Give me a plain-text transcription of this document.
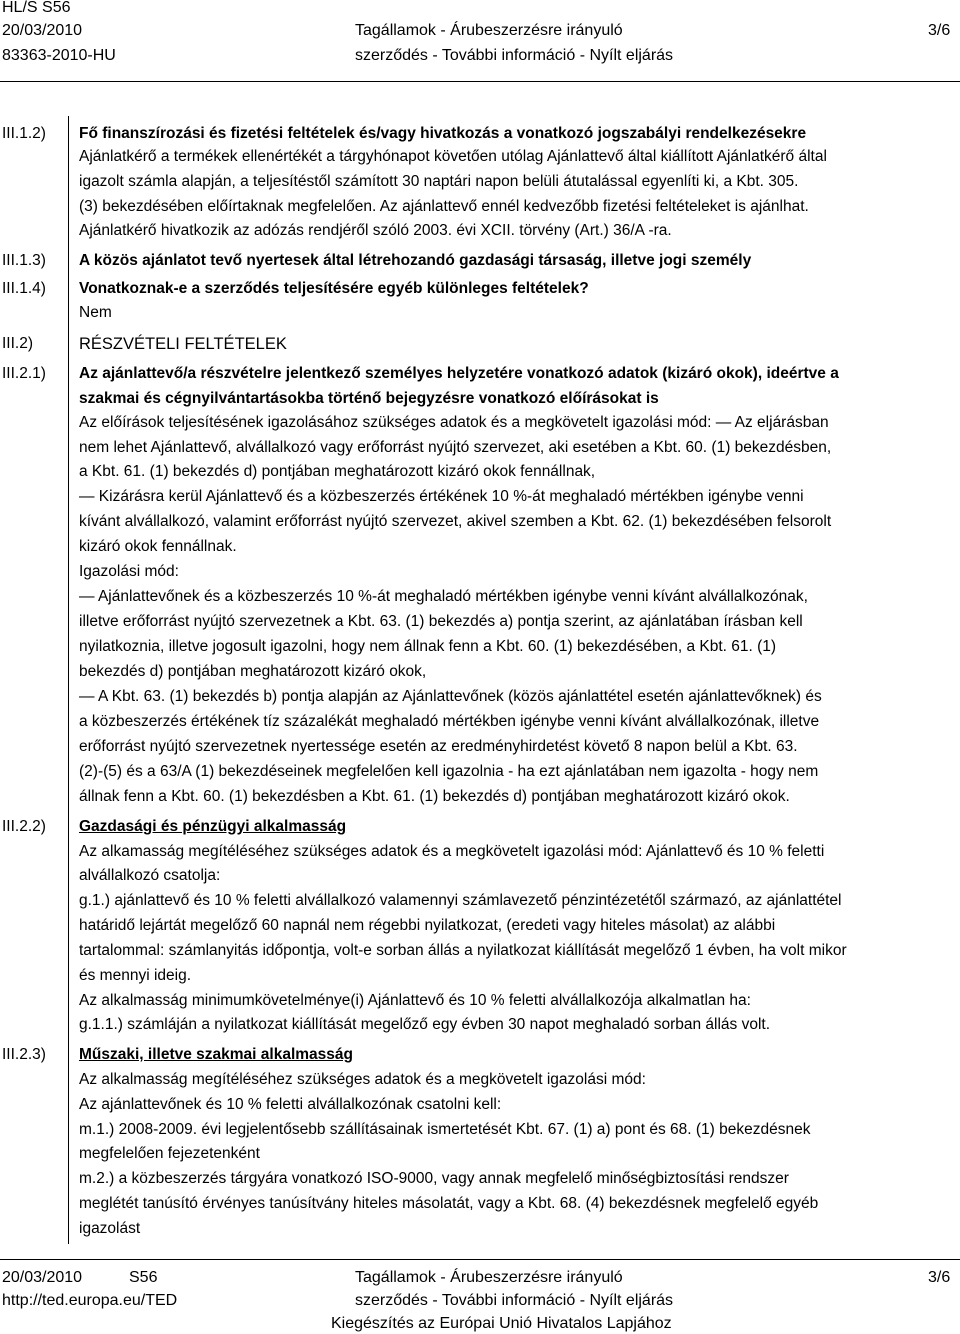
HL/S S56
20/03/2010
83363-2010-HU
Tagállamok - Árubeszerzésre irányuló
szerződés - További információ - Nyílt eljárás
3/6
III.1.2)
III.1.3)
III.1.4)
III.2)
III.2.1)
III.2.2)
III.2.3)
Fő finanszírozási és fizetési feltételek és/vagy hivatkozás a vonatkozó jogszabályi rendelkezésekre
Ajánlatkérő a termékek ellenértékét a tárgyhónapot követően utólag Ajánlattevő által kiállított Ajánlatkérő által
igazolt számla alapján, a teljesítéstől számított 30 naptári napon belüli átutalással egyenlíti ki, a Kbt. 305.
(3) bekezdésében előírtaknak megfelelően. Az ajánlattevő ennél kedvezőbb fizetési feltételeket is ajánlhat.
Ajánlatkérő hivatkozik az adózás rendjéről szóló 2003. évi XCII. törvény (Art.) 36/A -ra.
A közös ajánlatot tevő nyertesek által létrehozandó gazdasági társaság, illetve jogi személy
Vonatkoznak-e a szerződés teljesítésére egyéb különleges feltételek?
Nem
RÉSZVÉTELI FELTÉTELEK
Az ajánlattevő/a részvételre jelentkező személyes helyzetére vonatkozó adatok (kizáró okok), ideértve a
szakmai és cégnyilvántartásokba történő bejegyzésre vonatkozó előírásokat is
Az előírások teljesítésének igazolásához szükséges adatok és a megkövetelt igazolási mód: — Az eljárásban
nem lehet Ajánlattevő, alvállalkozó vagy erőforrást nyújtó szervezet, aki esetében a Kbt. 60. (1) bekezdésben,
a Kbt. 61. (1) bekezdés d) pontjában meghatározott kizáró okok fennállnak,
— Kizárásra kerül Ajánlattevő és a közbeszerzés értékének 10 %-át meghaladó mértékben igénybe venni
kívánt alvállalkozó, valamint erőforrást nyújtó szervezet, akivel szemben a Kbt. 62. (1) bekezdésében felsorolt
kizáró okok fennállnak.
Igazolási mód:
— Ajánlattevőnek és a közbeszerzés 10 %-át meghaladó mértékben igénybe venni kívánt alvállalkozónak,
illetve erőforrást nyújtó szervezetnek a Kbt. 63. (1) bekezdés a) pontja szerint, az ajánlatában írásban kell
nyilatkoznia, illetve jogosult igazolni, hogy nem állnak fenn a Kbt. 60. (1) bekezdésében, a Kbt. 61. (1)
bekezdés d) pontjában meghatározott kizáró okok,
— A Kbt. 63. (1) bekezdés b) pontja alapján az Ajánlattevőnek (közös ajánlattétel esetén ajánlattevőknek) és
a közbeszerzés értékének tíz százalékát meghaladó mértékben igénybe venni kívánt alvállalkozónak, illetve
erőforrást nyújtó szervezetnek nyertessége esetén az eredményhirdetést követő 8 napon belül a Kbt. 63.
(2)-(5) és a 63/A (1) bekezdéseinek megfelelően kell igazolnia - ha ezt ajánlatában nem igazolta - hogy nem
állnak fenn a Kbt. 60. (1) bekezdésben a Kbt. 61. (1) bekezdés d) pontjában meghatározott kizáró okok.
Gazdasági és pénzügyi alkalmasság
Az alkamasság megítéléséhez szükséges adatok és a megkövetelt igazolási mód: Ajánlattevő és 10 % feletti
alvállalkozó csatolja:
g.1.) ajánlattevő és 10 % feletti alvállalkozó valamennyi számlavezető pénzintézetétől származó, az ajánlattétel
határidő lejártát megelőző 60 napnál nem régebbi nyilatkozat, (eredeti vagy hiteles másolat) az alábbi
tartalommal: számlanyitás időpontja, volt-e sorban állás a nyilatkozat kiállítását megelőző 1 évben, ha volt mikor
és mennyi ideig.
Az alkalmasság minimumkövetelménye(i) Ajánlattevő és 10 % feletti alvállalkozója alkalmatlan ha:
g.1.1.) számláján a nyilatkozat kiállítását megelőző egy évben 30 napot meghaladó sorban állás volt.
Műszaki, illetve szakmai alkalmasság
Az alkalmasság megítéléséhez szükséges adatok és a megkövetelt igazolási mód:
Az ajánlattevőnek és 10 % feletti alvállalkozónak csatolni kell:
m.1.) 2008-2009. évi legjelentősebb szállításainak ismertetését Kbt. 67. (1) a) pont és 68. (1) bekezdésnek
megfelelően fejezetenként
m.2.) a közbeszerzés tárgyára vonatkozó ISO-9000, vagy annak megfelelő minőségbiztosítási rendszer
meglétét tanúsító érvényes tanúsítvány hiteles másolatát, vagy a Kbt. 68. (4) bekezdésnek megfelelő egyéb
igazolást
20/03/2010	S56
http://ted.europa.eu/TED
Tagállamok - Árubeszerzésre irányuló
szerződés - További információ - Nyílt eljárás
Kiegészítés az Európai Unió Hivatalos Lapjához
3/6
